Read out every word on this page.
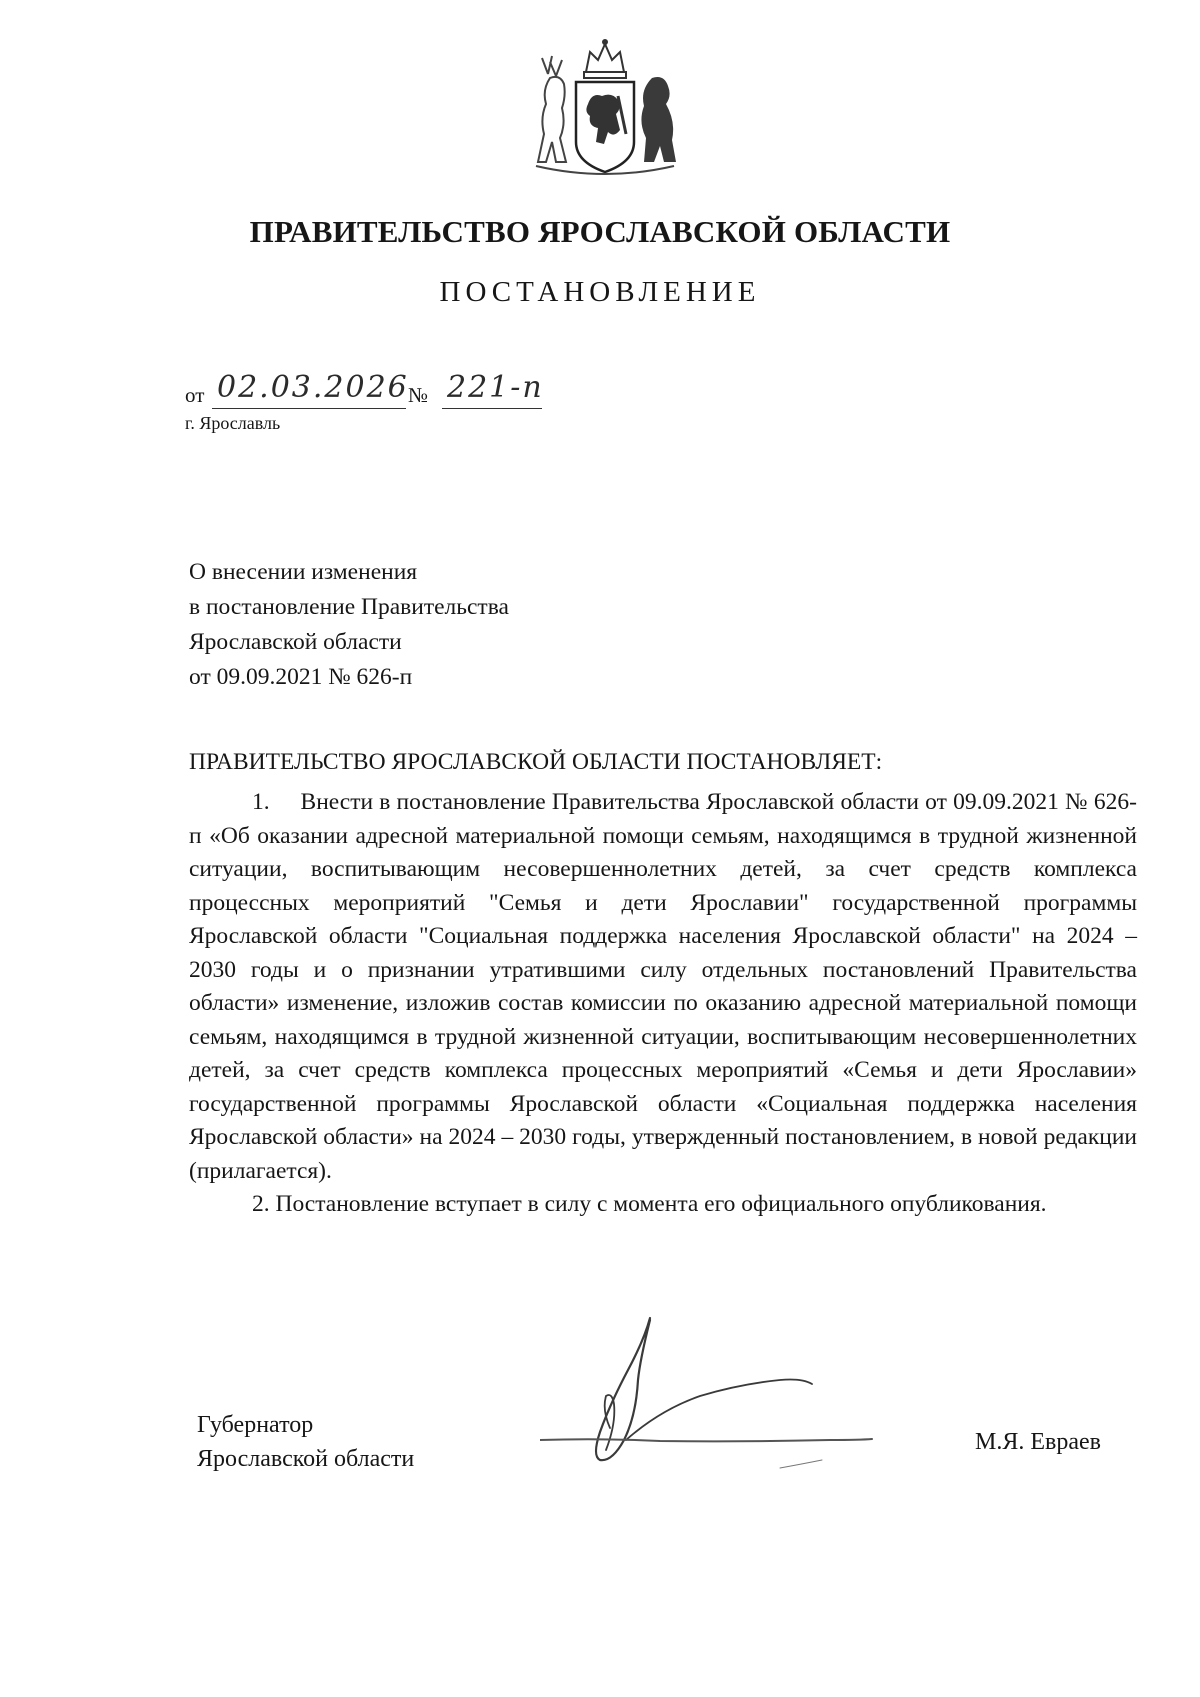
ПРАВИТЕЛЬСТВО ЯРОСЛАВСКОЙ ОБЛАСТИ
ПОСТАНОВЛЕНИЕ
от 02.03.2026 № 221-п
г. Ярославль
О внесении изменения
в постановление Правительства
Ярославской области
от 09.09.2021 № 626-п
ПРАВИТЕЛЬСТВО ЯРОСЛАВСКОЙ ОБЛАСТИ ПОСТАНОВЛЯЕТ:

1.     Внести в постановление Правительства Ярославской области от 09.09.2021 № 626-п «Об оказании адресной материальной помощи семьям, находящимся в трудной жизненной ситуации, воспитывающим несовершеннолетних детей, за счет средств комплекса процессных мероприятий "Семья и дети Ярославии" государственной программы Ярославской области "Социальная поддержка населения Ярославской области" на 2024 – 2030 годы и о признании утратившими силу отдельных постановлений Правительства области» изменение, изложив состав комиссии по оказанию адресной материальной помощи семьям, находящимся в трудной жизненной ситуации, воспитывающим несовершеннолетних детей, за счет средств комплекса процессных мероприятий «Семья и дети Ярославии» государственной программы Ярославской области «Социальная поддержка населения Ярославской области» на 2024 – 2030 годы, утвержденный постановлением, в новой редакции (прилагается).

2. Постановление вступает в силу с момента его официального опубликования.

Губернатор
Ярославской области
М.Я. Евраев
